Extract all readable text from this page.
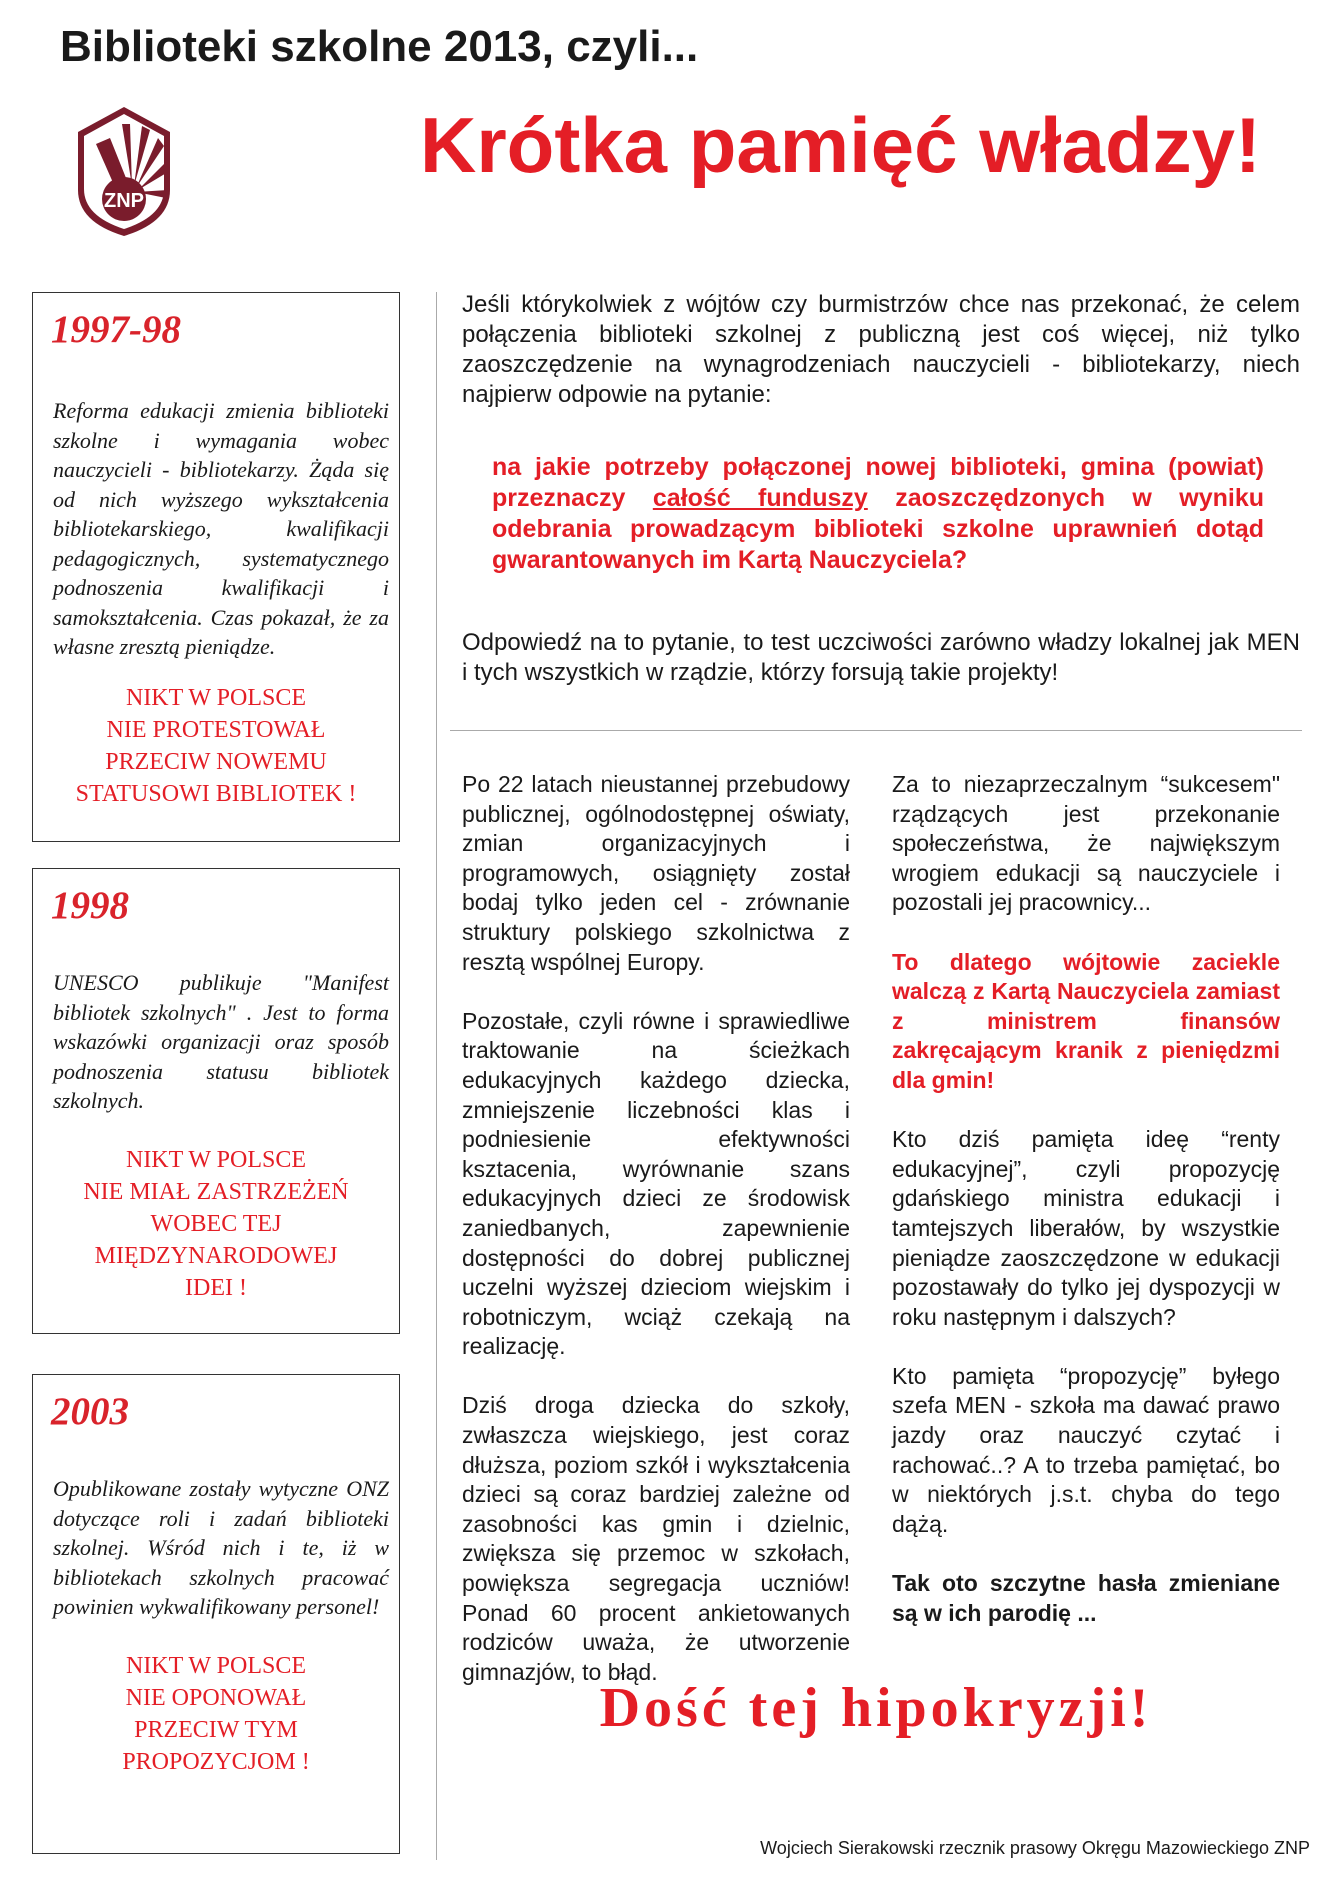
Biblioteki szkolne 2013, czyli...
ZNP
Krótka pamięć władzy!
1997-98
Reforma edukacji zmienia biblioteki szkolne i wymagania wobec nauczycieli - bibliotekarzy. Żąda się od nich wyższego wykształcenia bibliotekarskiego, kwalifikacji pedagogicznych, systematycznego podnoszenia kwalifikacji i samokształcenia. Czas pokazał, że za własne zresztą pieniądze.
NIKT W POLSCE
NIE PROTESTOWAŁ
PRZECIW NOWEMU
STATUSOWI BIBLIOTEK !
1998
UNESCO publikuje "Manifest bibliotek szkolnych" . Jest to forma wskazówki organizacji oraz sposób podnoszenia statusu bibliotek szkolnych.
NIKT W POLSCE
NIE MIAŁ ZASTRZEŻEŃ
WOBEC TEJ
MIĘDZYNARODOWEJ
IDEI !
2003
Opublikowane zostały wytyczne ONZ dotyczące roli i zadań biblioteki szkolnej. Wśród nich i te, iż w bibliotekach szkolnych pracować powinien wykwalifikowany personel!
NIKT W POLSCE
NIE OPONOWAŁ
PRZECIW TYM
PROPOZYCJOM !
Jeśli którykolwiek z wójtów czy burmistrzów chce nas przekonać, że celem połączenia biblioteki szkolnej z publiczną jest coś więcej, niż tylko zaoszczędzenie na wynagrodzeniach nauczycieli - bibliotekarzy, niech najpierw odpowie na pytanie:
na jakie potrzeby połączonej nowej biblioteki, gmina (powiat) przeznaczy całość funduszy zaoszczędzonych w wyniku odebrania prowadzącym biblioteki szkolne uprawnień dotąd gwarantowanych im Kartą Nauczyciela?
Odpowiedź na to pytanie, to test uczciwości zarówno władzy lokalnej jak MEN i tych wszystkich w rządzie, którzy forsują takie projekty!

Po 22 latach nieustannej przebudowy publicznej, ogólnodostępnej oświaty, zmian organizacyjnych i programowych, osiągnięty został bodaj tylko jeden cel - zrównanie struktury polskiego szkolnictwa z resztą wspólnej Europy.

Pozostałe, czyli równe i sprawiedliwe traktowanie na ścieżkach edukacyjnych każdego dziecka, zmniejszenie liczebności klas i podniesienie efektywności ksztacenia, wyrównanie szans edukacyjnych dzieci ze środowisk zaniedbanych, zapewnienie dostępności do dobrej publicznej uczelni wyższej dzieciom wiejskim i robotniczym, wciąż czekają na realizację.

Dziś droga dziecka do szkoły, zwłaszcza wiejskiego, jest coraz dłuższa, poziom szkół i wykształcenia dzieci są coraz bardziej zależne od zasobności kas gmin i dzielnic, zwiększa się przemoc w szkołach, powiększa segregacja uczniów! Ponad 60 procent ankietowanych rodziców uważa, że utworzenie gimnazjów, to błąd.

Za to niezaprzeczalnym “sukcesem" rządzących jest przekonanie społeczeństwa, że największym wrogiem edukacji są nauczyciele i pozostali jej pracownicy...

To dlatego wójtowie zaciekle walczą z Kartą Nauczyciela zamiast z ministrem finansów zakręcającym kranik z pieniędzmi dla gmin!

Kto dziś pamięta ideę “renty edukacyjnej”, czyli propozycję gdańskiego ministra edukacji i tamtejszych liberałów, by wszystkie pieniądze zaoszczędzone w edukacji pozostawały do tylko jej dyspozycji w roku następnym i dalszych?

Kto pamięta “propozycję” byłego szefa MEN - szkoła ma dawać prawo jazdy oraz nauczyć czytać i rachować..? A to trzeba pamiętać, bo w niektórych j.s.t. chyba do tego dążą.

Tak oto szczytne hasła zmieniane są w ich parodię ...

Dość tej hipokryzji!
Wojciech Sierakowski rzecznik prasowy Okręgu Mazowieckiego ZNP
